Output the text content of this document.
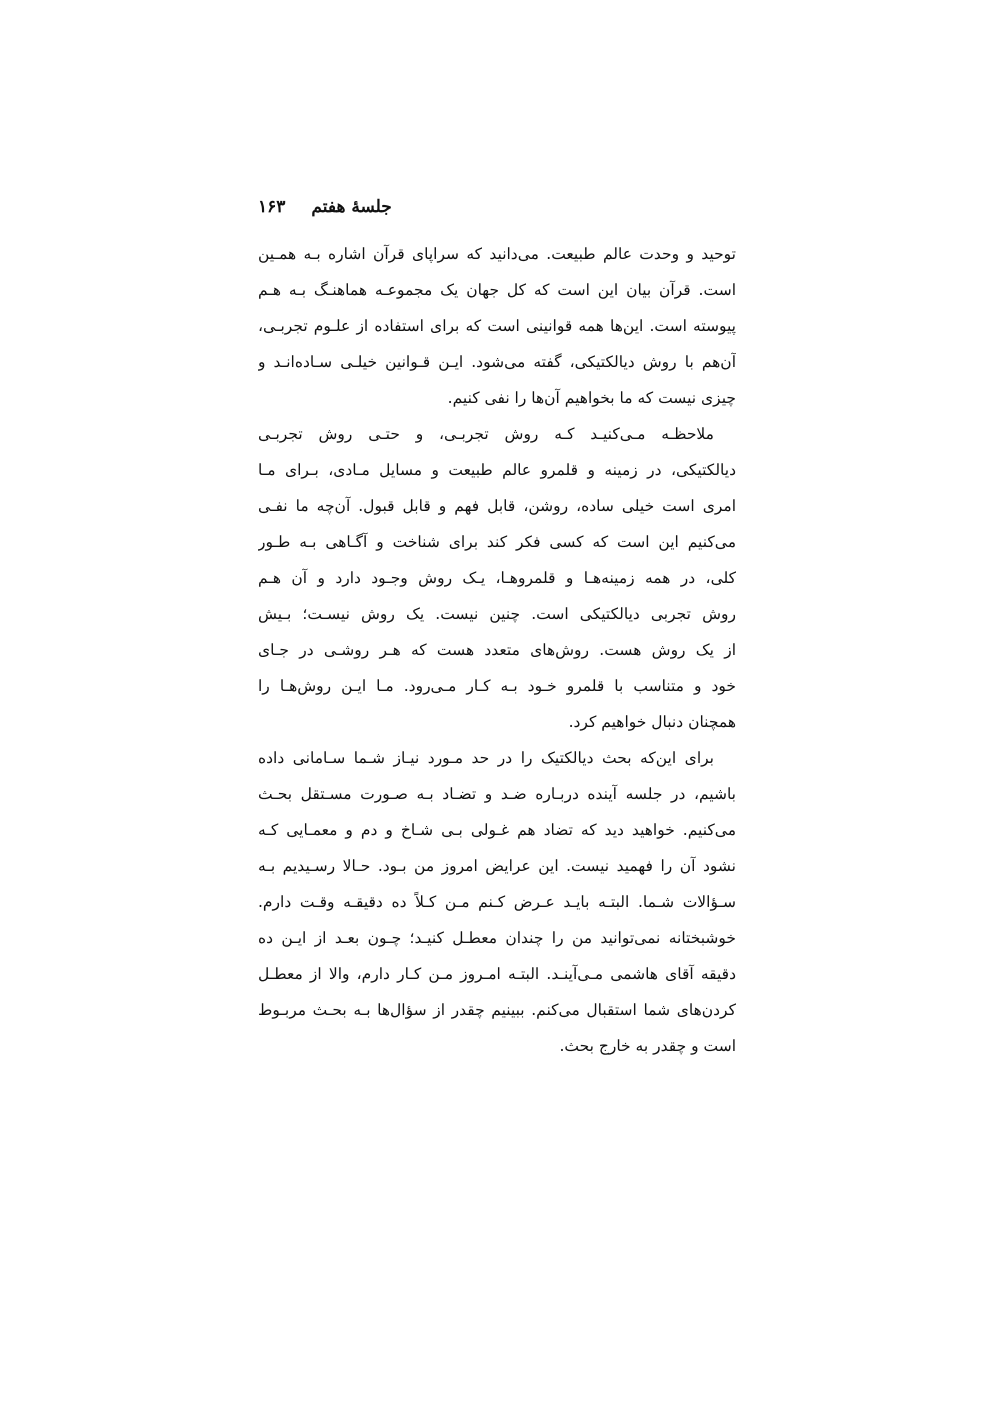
جلسهٔ هفتم
۱۶۳
توحید و وحدت عالم طبیعت. می‌دانید که سراپای قرآن اشاره بـه همـین
است. قرآن بیان این است که کل جهان یک مجموعـه هماهنـگ بـه هـم
پیوسته است. این‌ها همه قوانینی است که برای استفاده از علـوم تجربـی،
آن‌هم با روش دیالکتیکی، گفته می‌شود. ایـن قـوانین خیلـی سـاده‌انـد و
چیزی نیست که ما بخواهیم آن‌ها را نفی کنیم.
ملاحظـه مـی‌کنیـد کـه روش تجربـی، و حتـی روش تجربـی
دیالکتیکی، در زمینه و قلمرو عالم طبیعت و مسایل مـادی، بـرای مـا
امری است خیلی ساده، روشن، قابل فهم و قابل قبول. آن‌چه ما نفـی
می‌کنیم این است که کسی فکر کند برای شناخت و آگـاهی بـه طـور
کلی، در همه زمینه‌هـا و قلمروهـا، یـک روش وجـود دارد و آن هـم
روش تجربی دیالکتیکی است. چنین نیست. یک روش نیسـت؛ بـیش
از یک روش هست. روش‌های متعدد هست که هـر روشـی در جـای
خود و متناسب با قلمرو خـود بـه کـار مـی‌رود. مـا ایـن روش‌هـا را
همچنان دنبال خواهیم کرد.
برای این‌که بحث دیالکتیک را در حد مـورد نیـاز شـما سـامانی داده
باشیم، در جلسه آینده دربـاره ضـد و تضـاد بـه صـورت مسـتقل بحـث
می‌کنیم. خواهید دید که تضاد هم غـولی بـی شـاخ و دم و معمـایی کـه
نشود آن را فهمید نیست. این عرایض امروز من بـود. حـالا رسـیدیم بـه
سـؤالات شـما. البتـه بایـد عـرض کـنم مـن کـلاً ده دقیقـه وقـت دارم.
خوشبختانه نمی‌توانید من را چندان معطـل کنیـد؛ چـون بعـد از ایـن ده
دقیقه آقای هاشمی مـی‌آینـد. البتـه امـروز مـن کـار دارم، والا از معطـل
کردن‌های شما استقبال می‌کنم. ببینیم چقدر از سؤال‌ها بـه بحـث مربـوط
است و چقدر به خارج بحث.
